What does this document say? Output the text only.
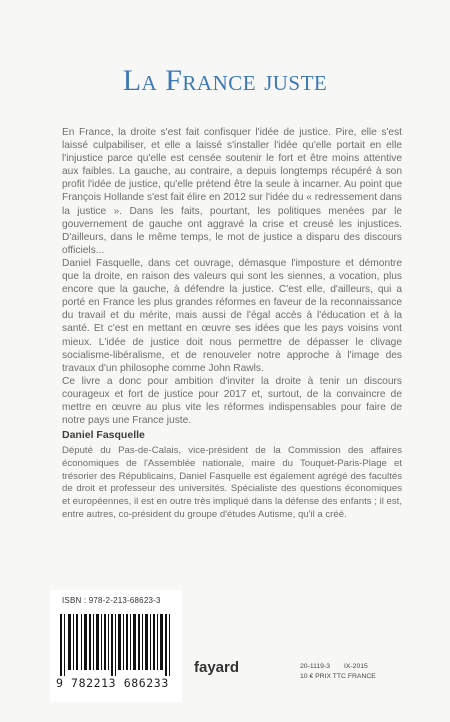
La France juste

En France, la droite s'est fait confisquer l'idée de justice. Pire, elle s'est laissé culpabiliser, et elle a laissé s'installer l'idée qu'elle portait en elle l'injustice parce qu'elle est censée soutenir le fort et être moins attentive aux faibles. La gauche, au contraire, a depuis longtemps récupéré à son profit l'idée de justice, qu'elle prétend être la seule à incarner. Au point que François Hollande s'est fait élire en 2012 sur l'idée du « redressement dans la justice ». Dans les faits, pourtant, les politiques menées par le gouvernement de gauche ont aggravé la crise et creusé les injustices. D'ailleurs, dans le même temps, le mot de justice a disparu des discours officiels...

Daniel Fasquelle, dans cet ouvrage, démasque l'imposture et démontre que la droite, en raison des valeurs qui sont les siennes, a vocation, plus encore que la gauche, à défendre la justice. C'est elle, d'ailleurs, qui a porté en France les plus grandes réformes en faveur de la reconnaissance du travail et du mérite, mais aussi de l'égal accès à l'éducation et à la santé. Et c'est en mettant en œuvre ses idées que les pays voisins vont mieux. L'idée de justice doit nous permettre de dépasser le clivage socialisme-libéralisme, et de renouveler notre approche à l'image des travaux d'un philosophe comme John Rawls.

Ce livre a donc pour ambition d'inviter la droite à tenir un discours courageux et fort de justice pour 2017 et, surtout, de la convaincre de mettre en œuvre au plus vite les réformes indispensables pour faire de notre pays une France juste.

Daniel Fasquelle

Député du Pas-de-Calais, vice-président de la Commission des affaires économiques de l'Assemblée nationale, maire du Touquet-Paris-Plage et trésorier des Républicains, Daniel Fasquelle est également agrégé des facultés de droit et professeur des universités. Spécialiste des questions économiques et européennes, il est en outre très impliqué dans la défense des enfants ; il est, entre autres, co-président du groupe d'études Autisme, qu'il a créé.

ISBN : 978-2-213-68623-3
9 782213 686233
fayard	20-1119-3 IX-2015
10 € PRIX TTC FRANCE
